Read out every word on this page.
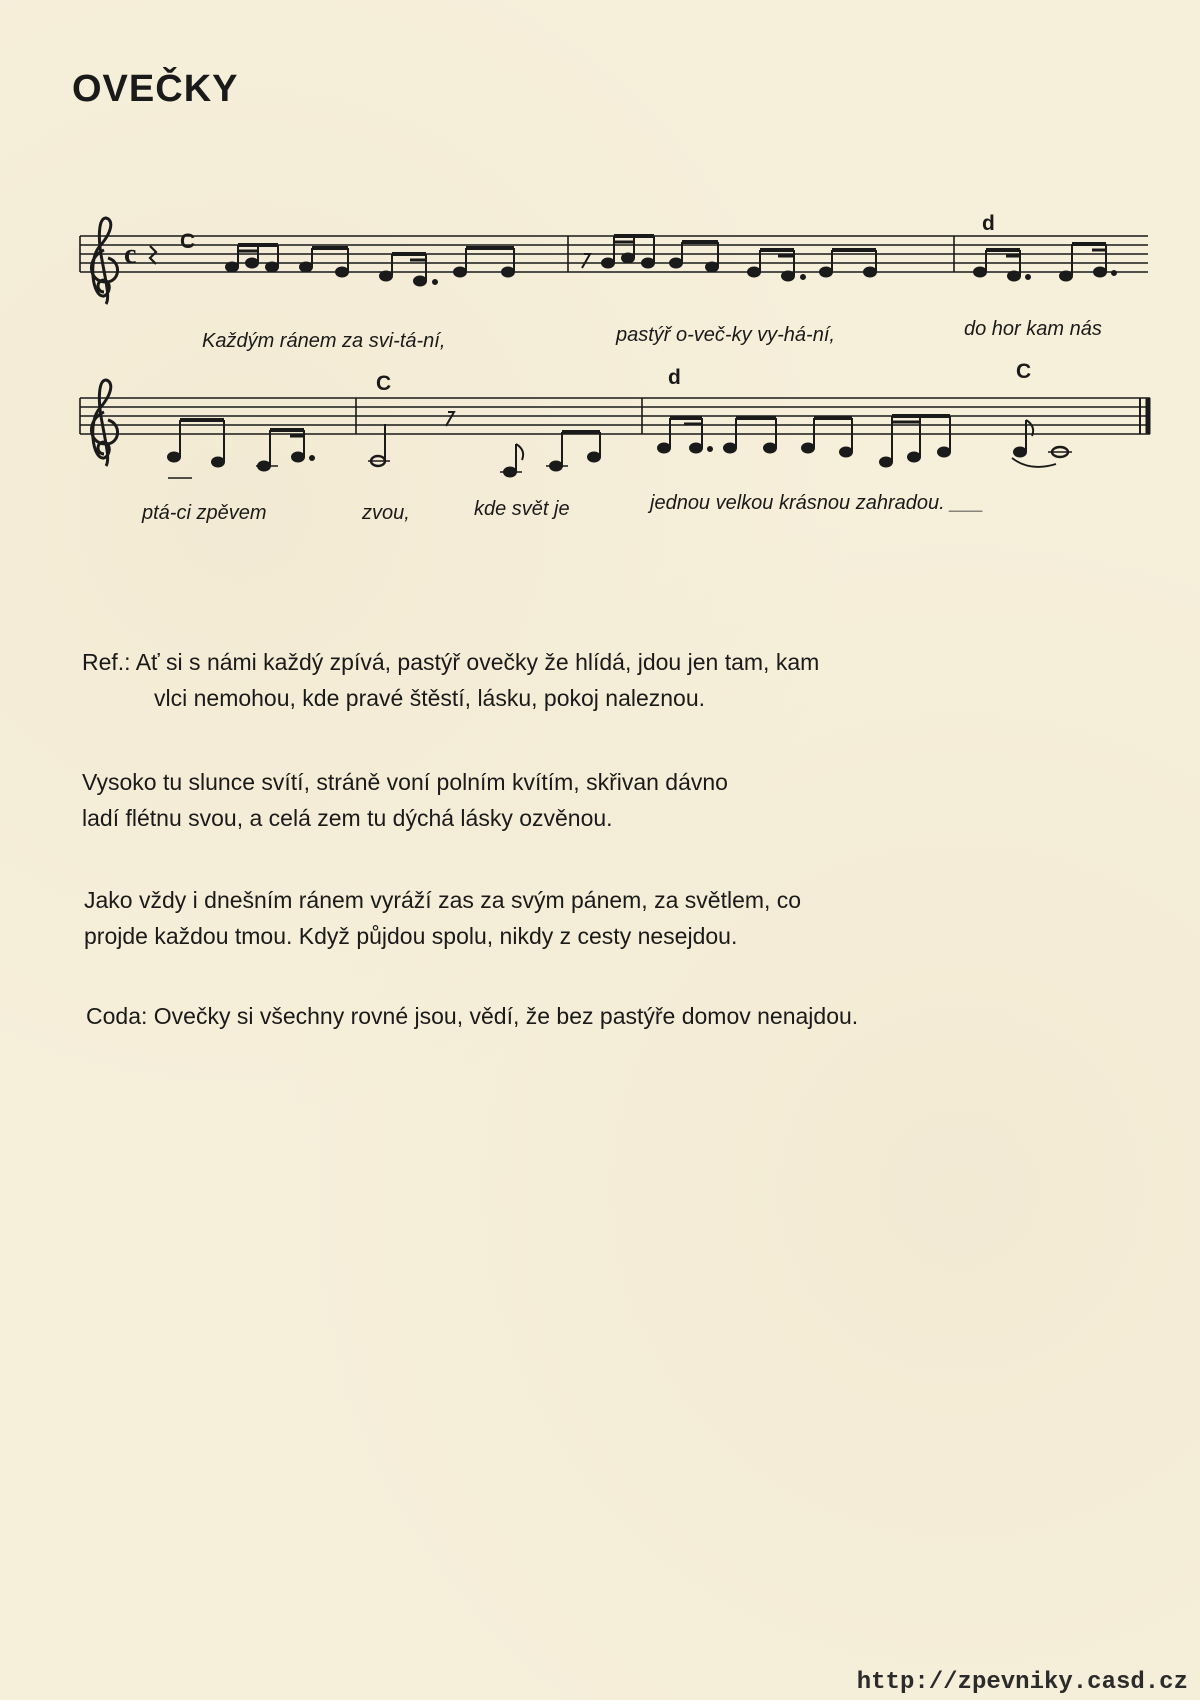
OVEČKY
c C
d
C	d	C
Každým ránem za svi-tá-ní,	pastýř o-več-ky vy-há-ní,	do hor kam nás
ptá-ci zpěvem	zvou,	kde svět je	jednou velkou krásnou zahradou. ___
Ref.: Ať si s námi každý zpívá, pastýř ovečky že hlídá, jdou jen tam, kam
vlci nemohou, kde pravé štěstí, lásku, pokoj naleznou.
Vysoko tu slunce svítí, stráně voní polním kvítím, skřivan dávno
ladí flétnu svou, a celá zem tu dýchá lásky ozvěnou.
Jako vždy i dnešním ránem vyráží zas za svým pánem, za světlem, co
projde každou tmou. Když půjdou spolu, nikdy z cesty nesejdou.
Coda: Ovečky si všechny rovné jsou, vědí, že bez pastýře domov nenajdou.
http://zpevniky.casd.cz
